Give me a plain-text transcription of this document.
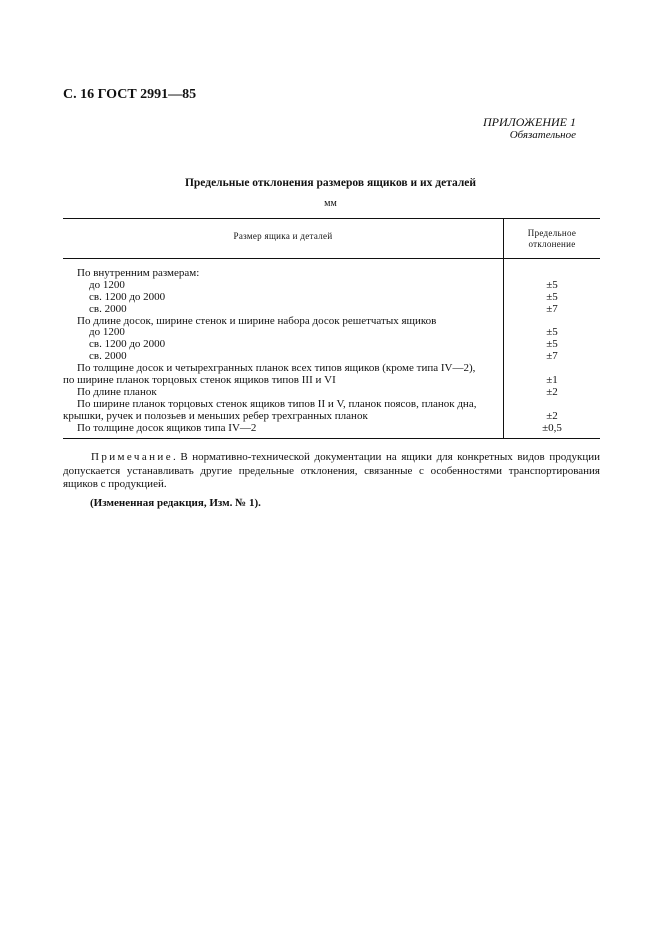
С. 16 ГОСТ 2991—85
ПРИЛОЖЕНИЕ 1
Обязательное
Предельные отклонения размеров ящиков и их деталей
мм
Размер ящика и деталей	Предельное
отклонение
По внутренним размерам:
до 1200	±5
св. 1200 до 2000	±5
св. 2000	±7
По длине досок, ширине стенок и ширине набора досок решетчатых ящиков
до 1200	±5
св. 1200 до 2000	±5
св. 2000	±7
По толщине досок и четырехгранных планок всех типов ящиков (кроме типа IV—2),
по ширине планок торцовых стенок ящиков типов III и VI	±1
По длине планок	±2
По ширине планок торцовых стенок ящиков типов II и V, планок поясов, планок дна,
крышки, ручек и полозьев и меньших ребер трехгранных планок	±2
По толщине досок ящиков типа IV—2	±0,5
Примечание. В нормативно-технической документации на ящики для конкретных видов продукции допускается устанавливать другие предельные отклонения, связанные с особенностями транспортирования ящиков с продукцией.
(Измененная редакция, Изм. № 1).
